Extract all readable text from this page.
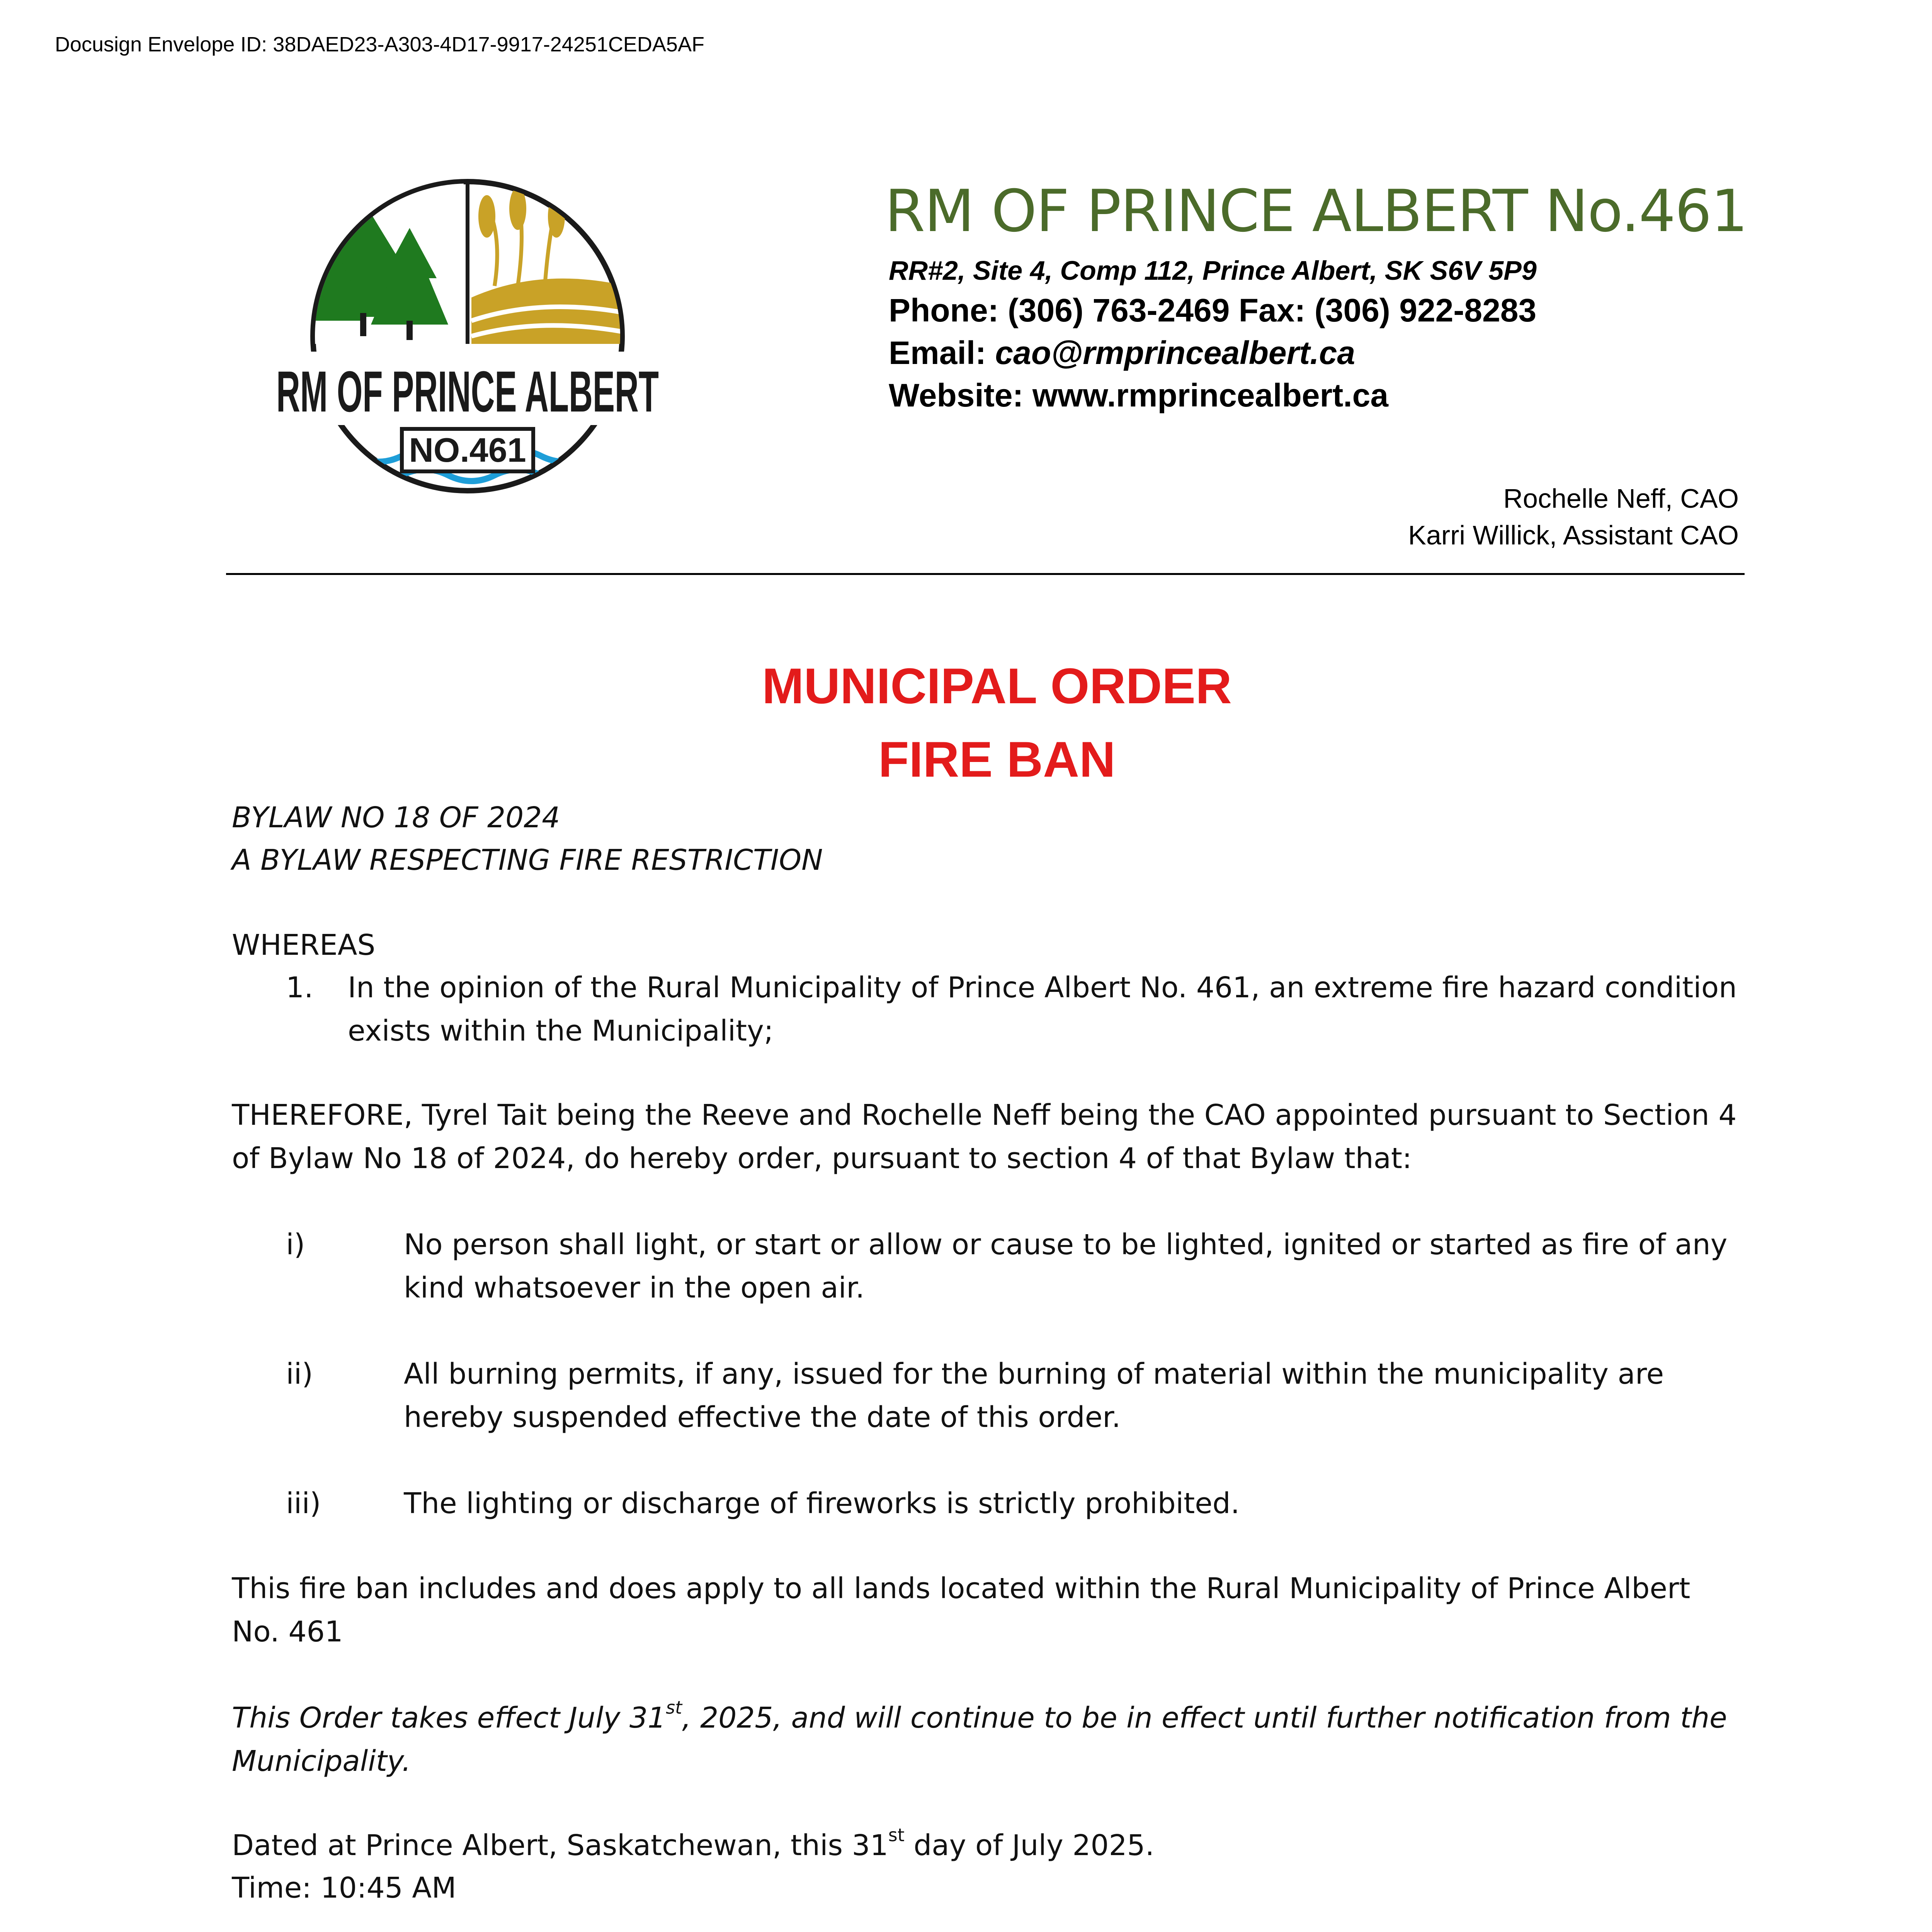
Docusign Envelope ID: 38DAED23-A303-4D17-9917-24251CEDA5AF
RM OF PRINCE ALBERT
NO.461
RM OF PRINCE ALBERT No.461
RR#2, Site 4, Comp 112, Prince Albert, SK S6V 5P9
Phone: (306) 763-2469 Fax: (306) 922-8283
Email: cao@rmprincealbert.ca
Website: www.rmprincealbert.ca
Rochelle Neff, CAO
Karri Willick, Assistant CAO
MUNICIPAL ORDER
FIRE BAN
BYLAW NO 18 OF 2024
A BYLAW RESPECTING FIRE RESTRICTION
WHEREAS
1. In the opinion of the Rural Municipality of Prince Albert No. 461, an extreme fire hazard condition exists within the Municipality;
THEREFORE, Tyrel Tait being the Reeve and Rochelle Neff being the CAO appointed pursuant to Section 4 of Bylaw No 18 of 2024, do hereby order, pursuant to section 4 of that Bylaw that:
i)	No person shall light, or start or allow or cause to be lighted, ignited or started as fire of any kind whatsoever in the open air.
ii)	All burning permits, if any, issued for the burning of material within the municipality are hereby suspended effective the date of this order.
iii)	The lighting or discharge of fireworks is strictly prohibited.
This fire ban includes and does apply to all lands located within the Rural Municipality of Prince Albert No. 461
This Order takes effect July 31st, 2025, and will continue to be in effect until further notification from the Municipality.
Dated at Prince Albert, Saskatchewan, this 31st day of July 2025.
Time: 10:45 AM
